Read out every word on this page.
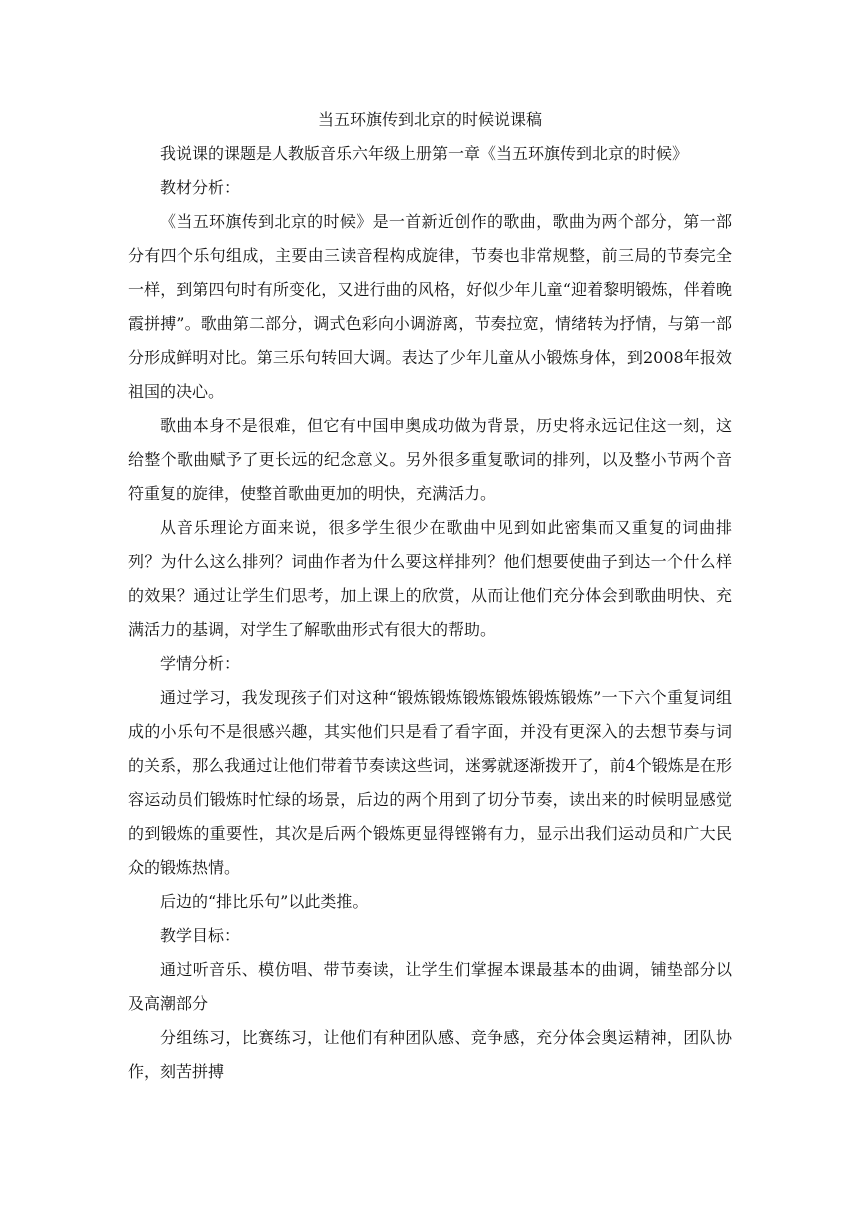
当五环旗传到北京的时候说课稿

我说课的课题是人教版音乐六年级上册第一章《当五环旗传到北京的时候》

教材分析：

《当五环旗传到北京的时候》是一首新近创作的歌曲，歌曲为两个部分，第一部分有四个乐句组成，主要由三读音程构成旋律，节奏也非常规整，前三局的节奏完全一样，到第四句时有所变化，又进行曲的风格，好似少年儿童“迎着黎明锻炼，伴着晚霞拼搏”。歌曲第二部分，调式色彩向小调游离，节奏拉宽，情绪转为抒情，与第一部分形成鲜明对比。第三乐句转回大调。表达了少年儿童从小锻炼身体，到2008年报效祖国的决心。

歌曲本身不是很难，但它有中国申奥成功做为背景，历史将永远记住这一刻，这给整个歌曲赋予了更长远的纪念意义。另外很多重复歌词的排列，以及整小节两个音符重复的旋律，使整首歌曲更加的明快，充满活力。

从音乐理论方面来说，很多学生很少在歌曲中见到如此密集而又重复的词曲排列？为什么这么排列？词曲作者为什么要这样排列？他们想要使曲子到达一个什么样的效果？通过让学生们思考，加上课上的欣赏，从而让他们充分体会到歌曲明快、充满活力的基调，对学生了解歌曲形式有很大的帮助。

学情分析：

通过学习，我发现孩子们对这种“锻炼锻炼锻炼锻炼锻炼锻炼”一下六个重复词组成的小乐句不是很感兴趣，其实他们只是看了看字面，并没有更深入的去想节奏与词的关系，那么我通过让他们带着节奏读这些词，迷雾就逐渐拨开了，前4个锻炼是在形容运动员们锻炼时忙绿的场景，后边的两个用到了切分节奏，读出来的时候明显感觉的到锻炼的重要性，其次是后两个锻炼更显得铿锵有力，显示出我们运动员和广大民众的锻炼热情。

后边的“排比乐句”以此类推。

教学目标：

通过听音乐、模仿唱、带节奏读，让学生们掌握本课最基本的曲调，铺垫部分以及高潮部分

分组练习，比赛练习，让他们有种团队感、竞争感，充分体会奥运精神，团队协作，刻苦拼搏
